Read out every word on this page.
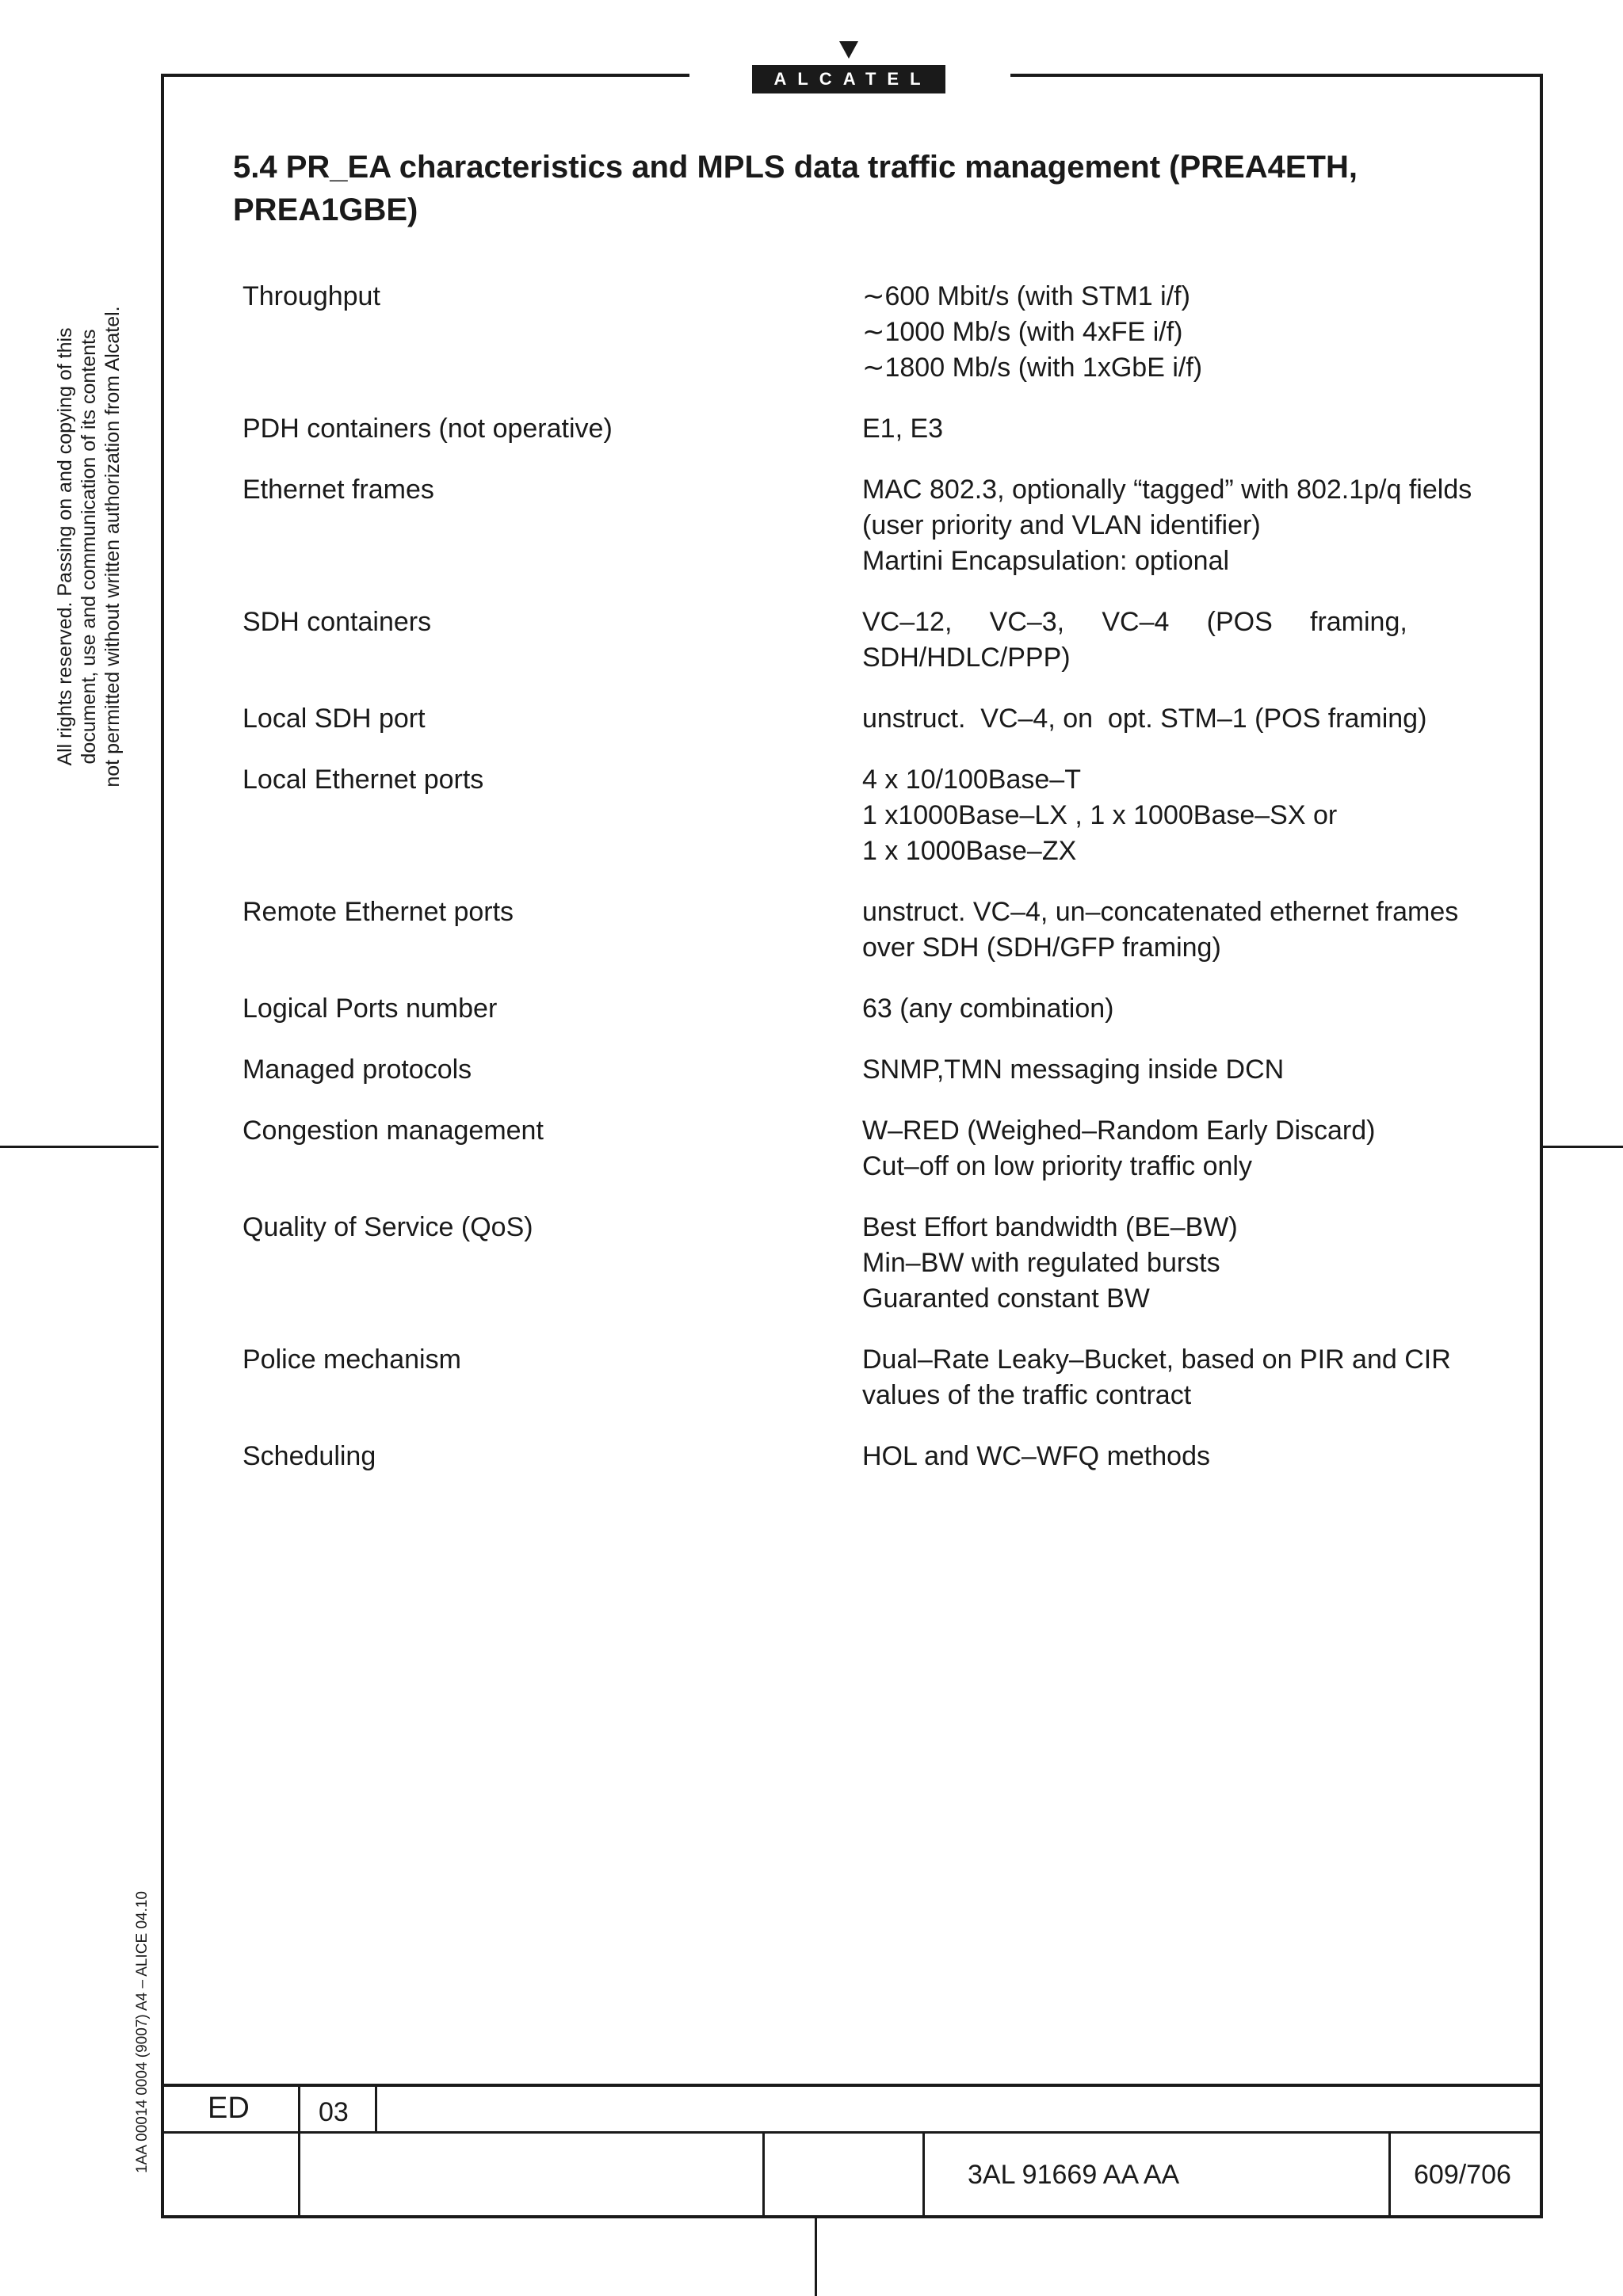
ALCATEL
All rights reserved. Passing on and copying of this document, use and communication of its contents not permitted without written authorization from Alcatel.
1AA 00014 0004 (9007) A4 – ALICE 04.10
5.4 PR_EA characteristics and MPLS data traffic management (PREA4ETH,
PREA1GBE)
Throughput	∼600 Mbit/s (with STM1 i/f)
∼1000 Mb/s (with 4xFE i/f)
∼1800 Mb/s (with 1xGbE i/f)
PDH containers (not operative)	E1, E3
Ethernet frames	MAC 802.3, optionally “tagged” with 802.1p/q fields
(user priority and VLAN identifier)
Martini Encapsulation: optional
SDH containers	VC–12,     VC–3,     VC–4     (POS     framing,
SDH/HDLC/PPP)
Local SDH port	unstruct.  VC–4, on  opt. STM–1 (POS framing)
Local Ethernet ports	4 x 10/100Base–T
1 x1000Base–LX , 1 x 1000Base–SX or
1 x 1000Base–ZX
Remote Ethernet ports	unstruct. VC–4, un–concatenated ethernet frames
over SDH (SDH/GFP framing)
Logical Ports number	63 (any combination)
Managed protocols	SNMP,TMN messaging inside DCN
Congestion management	W–RED (Weighed–Random Early Discard)
Cut–off on low priority traffic only
Quality of Service (QoS)	Best Effort bandwidth (BE–BW)
Min–BW with regulated bursts
Guaranted constant BW
Police mechanism	Dual–Rate Leaky–Bucket, based on PIR and CIR
values of the traffic contract
Scheduling	HOL and WC–WFQ methods
ED	03
3AL 91669 AA AA	609/706
